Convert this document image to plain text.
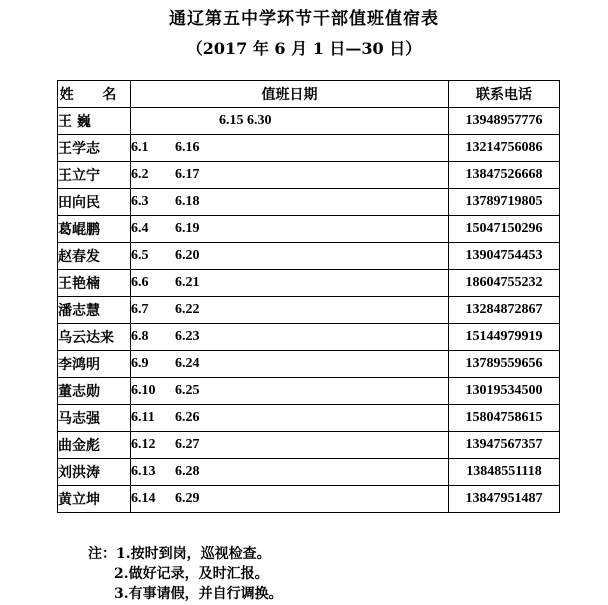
通辽第五中学环节干部值班值宿表
（2017 年 6 月 1 日—30 日）
姓 名	值班日期	联系电话
王 巍	6.15 6.30	13948957776
王学志	6.1 6.16	13214756086
王立宁	6.2 6.17	13847526668
田向民	6.3 6.18	13789719805
葛崐鹏	6.4 6.19	15047150296
赵春发	6.5 6.20	13904754453
王艳楠	6.6 6.21	18604755232
潘志慧	6.7 6.22	13284872867
乌云达来	6.8 6.23	15144979919
李鸿明	6.9 6.24	13789559656
董志勋	6.10 6.25	13019534500
马志强	6.11 6.26	15804758615
曲金彪	6.12 6.27	13947567357
刘洪涛	6.13 6.28	13848551118
黄立坤	6.14 6.29	13847951487
注：1.按时到岗，巡视检查。
2.做好记录，及时汇报。
3.有事请假，并自行调换。
